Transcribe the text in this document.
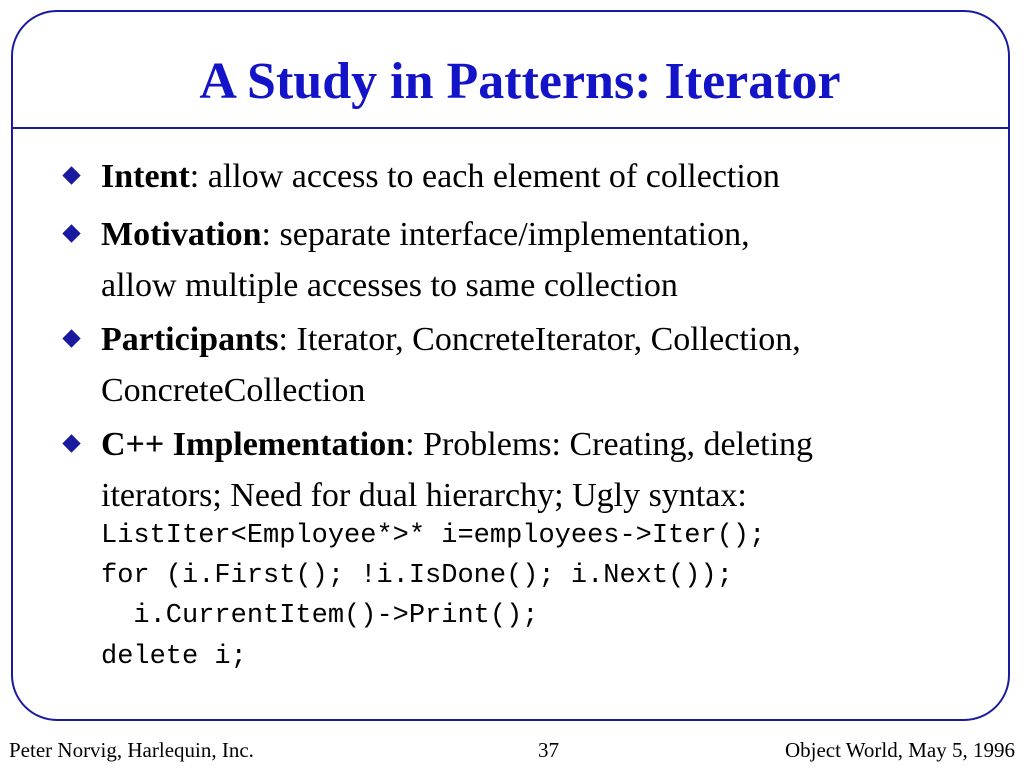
A Study in Patterns: Iterator
Intent: allow access to each element of collection
Motivation: separate interface/implementation,
allow multiple accesses to same collection
Participants: Iterator, ConcreteIterator, Collection,
ConcreteCollection
C++ Implementation: Problems: Creating, deleting
iterators; Need for dual hierarchy; Ugly syntax:
ListIter<Employee*>* i=employees->Iter();
for (i.First(); !i.IsDone(); i.Next());
i.CurrentItem()->Print();
delete i;
Peter Norvig, Harlequin, Inc.	37	Object World, May 5, 1996
